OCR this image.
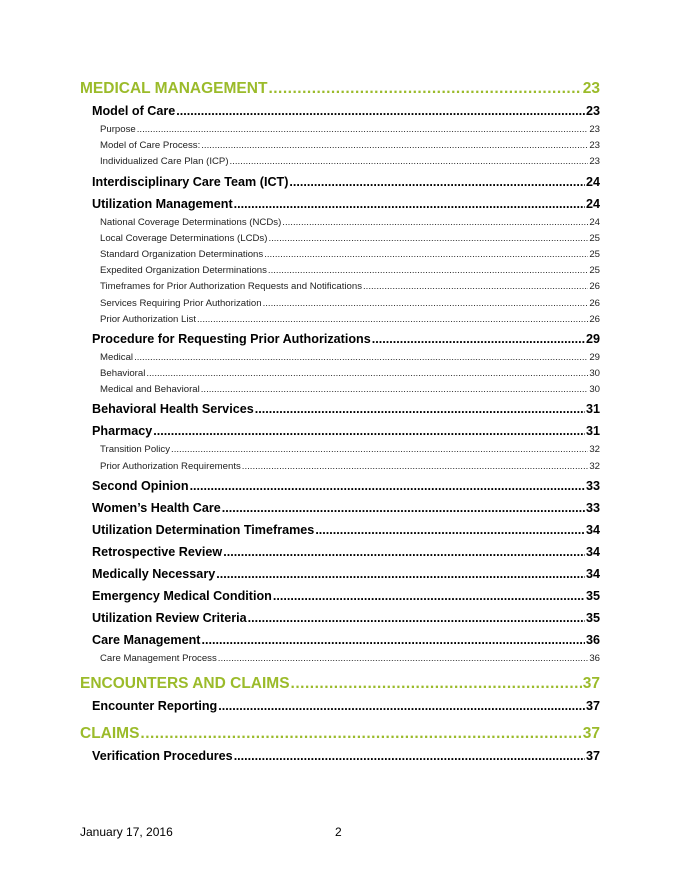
MEDICAL MANAGEMENT .....	23
Model of Care .....	23
Purpose .....	23
Model of Care Process: .....	23
Individualized Care Plan (ICP) .....	23
Interdisciplinary Care Team (ICT) .....	24
Utilization Management .....	24
National Coverage Determinations (NCDs) .....	24
Local Coverage Determinations (LCDs) .....	25
Standard Organization Determinations .....	25
Expedited Organization Determinations .....	25
Timeframes for Prior Authorization Requests and Notifications .....	26
Services Requiring Prior Authorization .....	26
Prior Authorization List .....	26
Procedure for Requesting Prior Authorizations .....	29
Medical .....	29
Behavioral .....	30
Medical and Behavioral .....	30
Behavioral Health Services .....	31
Pharmacy .....	31
Transition Policy .....	32
Prior Authorization Requirements .....	32
Second Opinion .....	33
Women’s Health Care .....	33
Utilization Determination Timeframes .....	34
Retrospective Review .....	34
Medically Necessary .....	34
Emergency Medical Condition .....	35
Utilization Review Criteria .....	35
Care Management .....	36
Care Management Process .....	36
ENCOUNTERS AND CLAIMS .....	37
Encounter Reporting .....	37
CLAIMS .....	37
Verification Procedures .....	37
January 17, 2016	2
